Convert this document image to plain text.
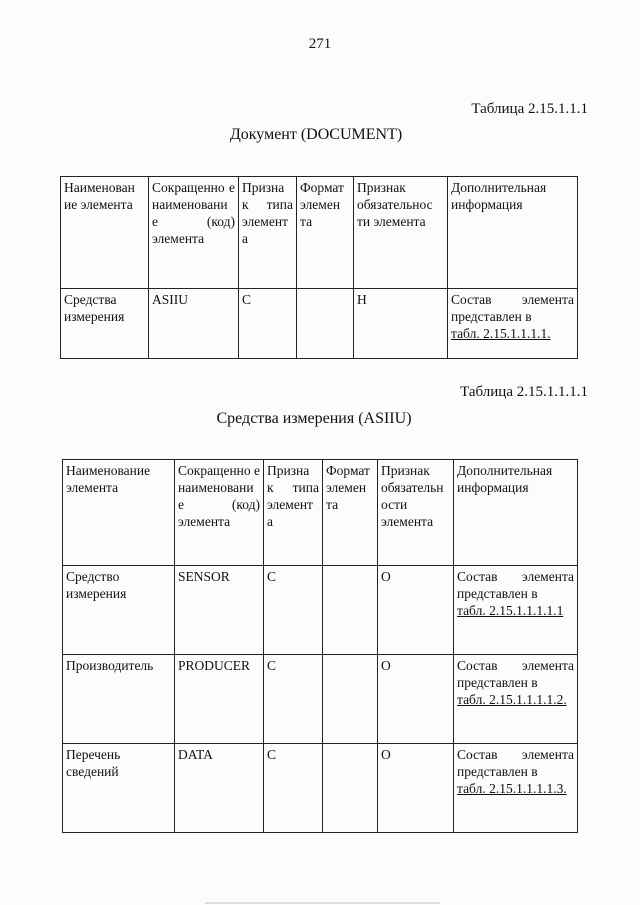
271
Таблица 2.15.1.1.1
Документ (DOCUMENT)
Наименован ие элемента	Сокращенно е наименовани е (код) элемента	Призна к типа элемент а	Формат элемен та	Признак обязательнос ти элемента	Дополнительная информация
Средства измерения	ASIIU	С		Н	Состав элемента представлен в
табл. 2.15.1.1.1.1.
Таблица 2.15.1.1.1.1
Средства измерения (ASIIU)
Наименование элемента	Сокращенно е наименовани е (код) элемента	Призна к типа элемент а	Формат элемен та	Признак обязательн ости элемента	Дополнительная информация
Средство измерения	SENSOR	С		О	Состав элемента представлен в
табл. 2.15.1.1.1.1.1
Производитель	PRODUCER	С		О	Состав элемента представлен в
табл. 2.15.1.1.1.1.2.
Перечень сведений	DATA	С		О	Состав элемента представлен в
табл. 2.15.1.1.1.1.3.
